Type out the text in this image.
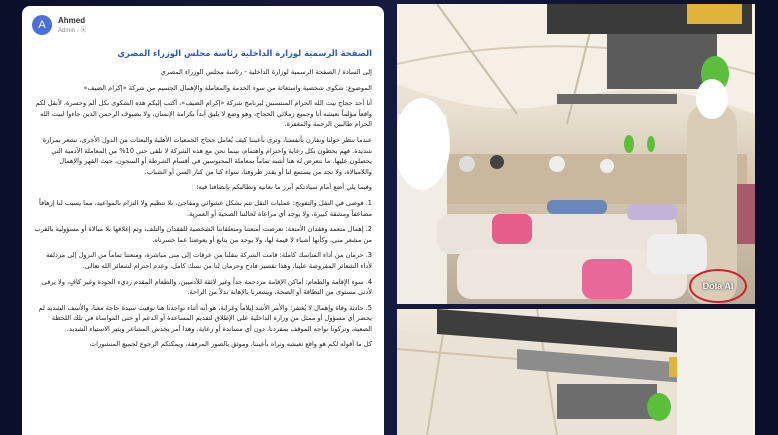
A	Ahmed
Admin · ⦿
الصفحة الرسمية لوزارة الداخلية رئاسة مجلس الوزراء المصري
إلى السادة / الصفحة الرسمية لوزارة الداخلية - رئاسة مجلس الوزراء المصري
الموضوع: شكوى شخصية واستغاثة من سوء الخدمة والمعاملة والإهمال الجسيم من شركة «إكرام الضيف»
أنا أحد حجاج بيت الله الحرام المنتسبين لبرنامج شركة «إكرام الضيف»، أكتب إليكم هذه الشكوى بكل ألم وحسرة، لأنقل لكم واقعاً مؤلماً نعيشه أنا وجميع زملائي الحجاج، وهو وضع لا يليق أبداً بكرامة الإنسان، ولا بضيوف الرحمن الذين جاءوا لبيت الله الحرام طالبين الرحمة والمغفرة.
عندما ننظر حولنا ونقارن بأنفسنا، ونرى بأعيننا كيف يُعامل حجاج الجمعيات الأهلية والبعثات من الدول الأخرى، نشعر بمرارة شديدة. فهم يحظون بكل رعاية واحترام واهتمام، بينما نحن مع هذه الشركة لا نلقى حتى 10% من المعاملة الآدمية التي يحصلون عليها. ما نتعرض له هنا أشبه تماماً بمعاملة المحبوسين في أقسام الشرطة أو السجون، حيث القهر والإهمال واللامبالاة، ولا نجد من يستمع لنا أو يقدر ظروفنا، سواء كنا من كبار السن أو الشباب.
وفيما يلي أضع أمام سيادتكم أبرز ما نعانيه ونطالبكم بإنصافنا فيه:
1. فوضى في النقل والتفويج: عمليات النقل تتم بشكل عشوائي ومفاجئ، بلا تنظيم ولا التزام بالمواعيد، مما يسبب لنا إرهاقاً مضاعفاً ومشقة كبيرة، ولا يوجد أي مراعاة لحالتنا الصحية أو العمرية.
2. إهمال متعمد وفقدان الأمتعة: تعرضت أمتعتنا ومتعلقاتنا الشخصية للفقدان والتلف، وتم إغلاقها بلا مبالاة أو مسؤولية بالقرب من مشعر منى، وكأنها أشياء لا قيمة لها، ولا يوجد من يتابع أو يعوضنا عما خسرناه.
3. حرمان من أداء المناسك كاملة: قامت الشركة بنقلنا من عرفات إلى منى مباشرة، ومنعتنا تماماً من النزول إلى مزدلفة لأداء الشعائر المفروضة علينا، وهذا تقصير فادح وحرمان لنا من نسك كامل، وعدم احترام لشعائر الله تعالى.
4. سوء الإقامة والطعام: أماكن الإقامة مزدحمة جداً وغير لائقة للآدميين، والطعام المقدم رديء الجودة وغير كافٍ، ولا يرقى لأدنى مستوى من النظافة أو الصحة، ويشعرنا بالإهانة بدلاً من الراحة.
5. حادثة وفاة وإهمال لا يُغتفر: والأمر الأشد إيلاماً وغرابة، هو أنه أثناء تواجدنا هنا توفيت سيدة حاجة معنا، والأسف الشديد لم يحضر أي مسؤول أو ممثل من وزارة الداخلية على الإطلاق لتقديم المساعدة أو الدعم أو حتى المواساة في تلك اللحظة الصعبة، وتركونا نواجه الموقف بمفردنا، دون أي مساندة أو رعاية، وهذا أمر يخدش المشاعر ويثير الاستياء الشديد.
كل ما أقوله لكم هو واقع نعيشه ونراه بأعيننا، وموثق بالصور المرفقة، ويمكنكم الرجوع لجميع المنشورات
Dola AI
